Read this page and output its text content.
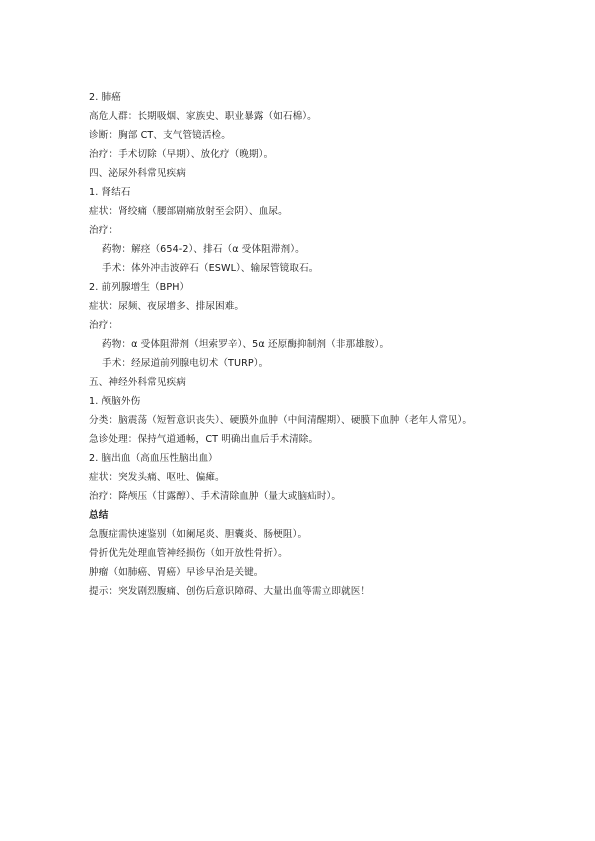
2. 肺癌
高危人群：长期吸烟、家族史、职业暴露（如石棉）。
诊断：胸部 CT、支气管镜活检。
治疗：手术切除（早期）、放化疗（晚期）。
四、泌尿外科常见疾病
1. 肾结石
症状：肾绞痛（腰部剧痛放射至会阴）、血尿。
治疗：
药物：解痉（654-2）、排石（α 受体阻滞剂）。
手术：体外冲击波碎石（ESWL）、输尿管镜取石。
2. 前列腺增生（BPH）
症状：尿频、夜尿增多、排尿困难。
治疗：
药物：α 受体阻滞剂（坦索罗辛）、5α 还原酶抑制剂（非那雄胺）。
手术：经尿道前列腺电切术（TURP）。
五、神经外科常见疾病
1. 颅脑外伤
分类：脑震荡（短暂意识丧失）、硬膜外血肿（中间清醒期）、硬膜下血肿（老年人常见）。
急诊处理：保持气道通畅，CT 明确出血后手术清除。
2. 脑出血（高血压性脑出血）
症状：突发头痛、呕吐、偏瘫。
治疗：降颅压（甘露醇）、手术清除血肿（量大或脑疝时）。
总结
急腹症需快速鉴别（如阑尾炎、胆囊炎、肠梗阻）。
骨折优先处理血管神经损伤（如开放性骨折）。
肿瘤（如肺癌、胃癌）早诊早治是关键。
提示：突发剧烈腹痛、创伤后意识障碍、大量出血等需立即就医！
